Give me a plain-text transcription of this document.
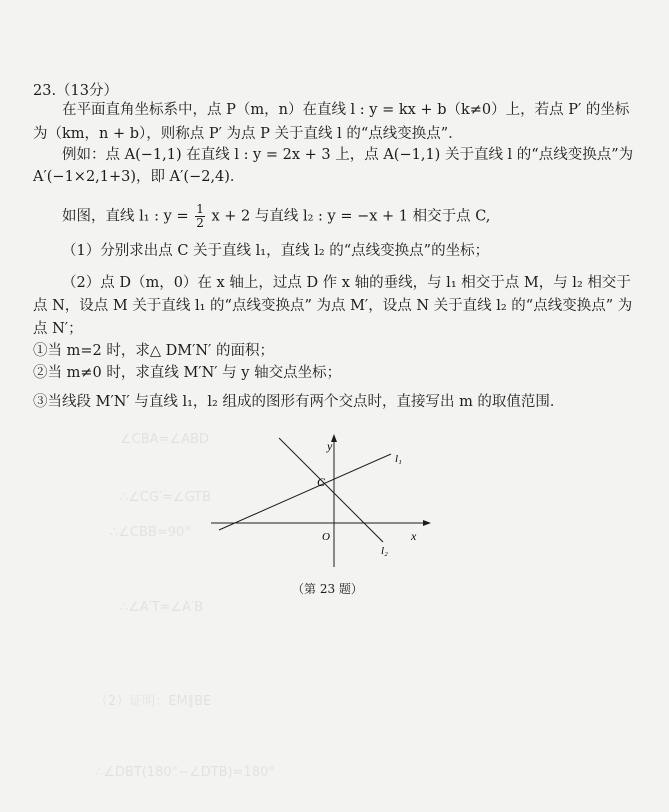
∠CBA=∠ABD
∴∠CG′=∠GTB
∴∠CBB=90°
∴∠A′T=∠A′B
（2）证明：EM∥BE
∴∠DBT(180°−∠DTB)=180°
23.（13分）
在平面直角坐标系中，点 P（m，n）在直线 l : y = kx + b（k≠0）上，若点 P′ 的坐标
为（km，n + b），则称点 P′ 为点 P 关于直线 l 的“点线变换点”．
例如：点 A(−1,1) 在直线 l : y = 2x + 3 上，点 A(−1,1) 关于直线 l 的“点线变换点”为
A′(−1×2,1+3)，即 A′(−2,4)．
如图，直线 l₁ : $y = \frac{1}{2}$ x + 2 与直线 l₂ : y = −x + 1 相交于点 C,
（1）分别求出点 C 关于直线 l₁，直线 l₂ 的“点线变换点”的坐标；
（2）点 D（m，0）在 x 轴上，过点 D 作 x 轴的垂线，与 l₁ 相交于点 M，与 l₂ 相交于
点 N，设点 M 关于直线 l₁ 的“点线变换点” 为点 M′，设点 N 关于直线 l₂ 的“点线变换点” 为
点 N′；
①当 m=2 时，求△ DM′N′ 的面积；
②当 m≠0 时，求直线 M′N′ 与 y 轴交点坐标；
③当线段 M′N′ 与直线 l₁，l₂ 组成的图形有两个交点时，直接写出 m 的取值范围．
y
x
O
C
l₁
l₂
（第 23 题）
